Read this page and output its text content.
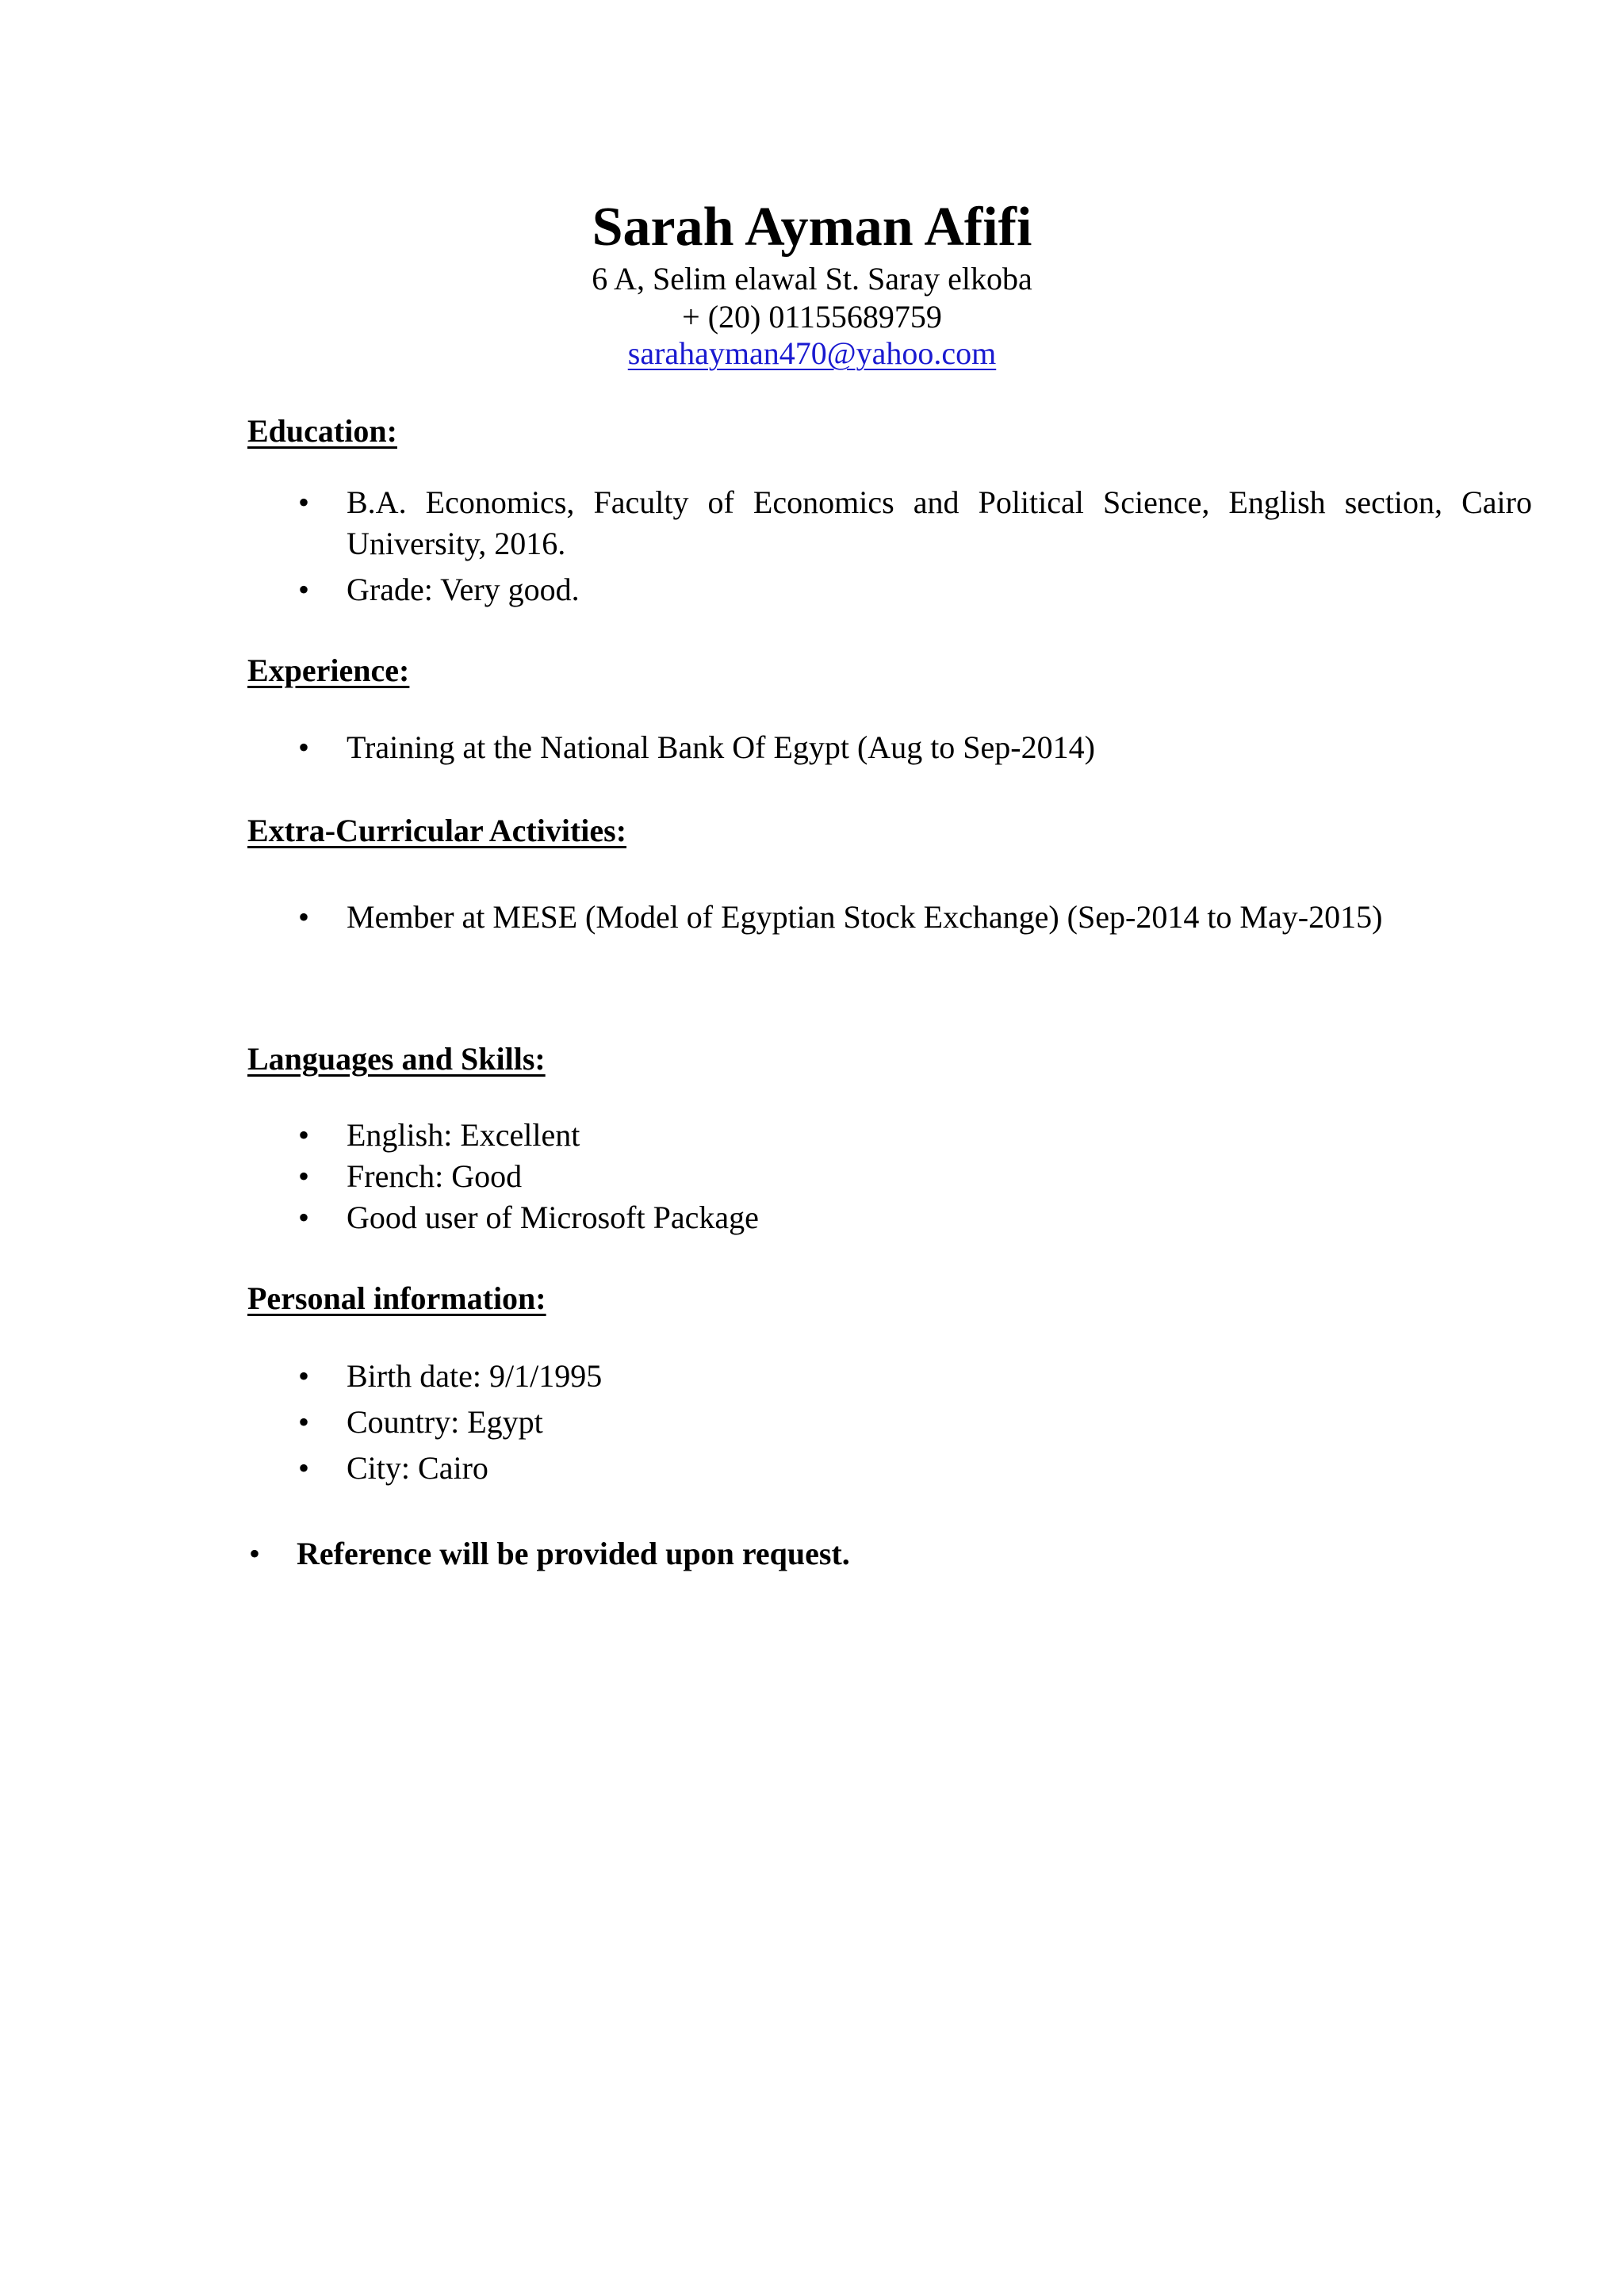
Sarah Ayman Afifi
6 A, Selim elawal St. Saray elkoba
+ (20) 01155689759
sarahayman470@yahoo.com
Education:
• B.A. Economics, Faculty of Economics and Political Science, English section, Cairo University, 2016.
• Grade: Very good.
Experience:
• Training at the National Bank Of Egypt (Aug to Sep-2014)
Extra-Curricular Activities:
• Member at MESE (Model of Egyptian Stock Exchange) (Sep-2014 to May-2015)
Languages and Skills:
• English: Excellent
• French: Good
• Good user of Microsoft Package
Personal information:
• Birth date: 9/1/1995
• Country: Egypt
• City: Cairo
• Reference will be provided upon request.
